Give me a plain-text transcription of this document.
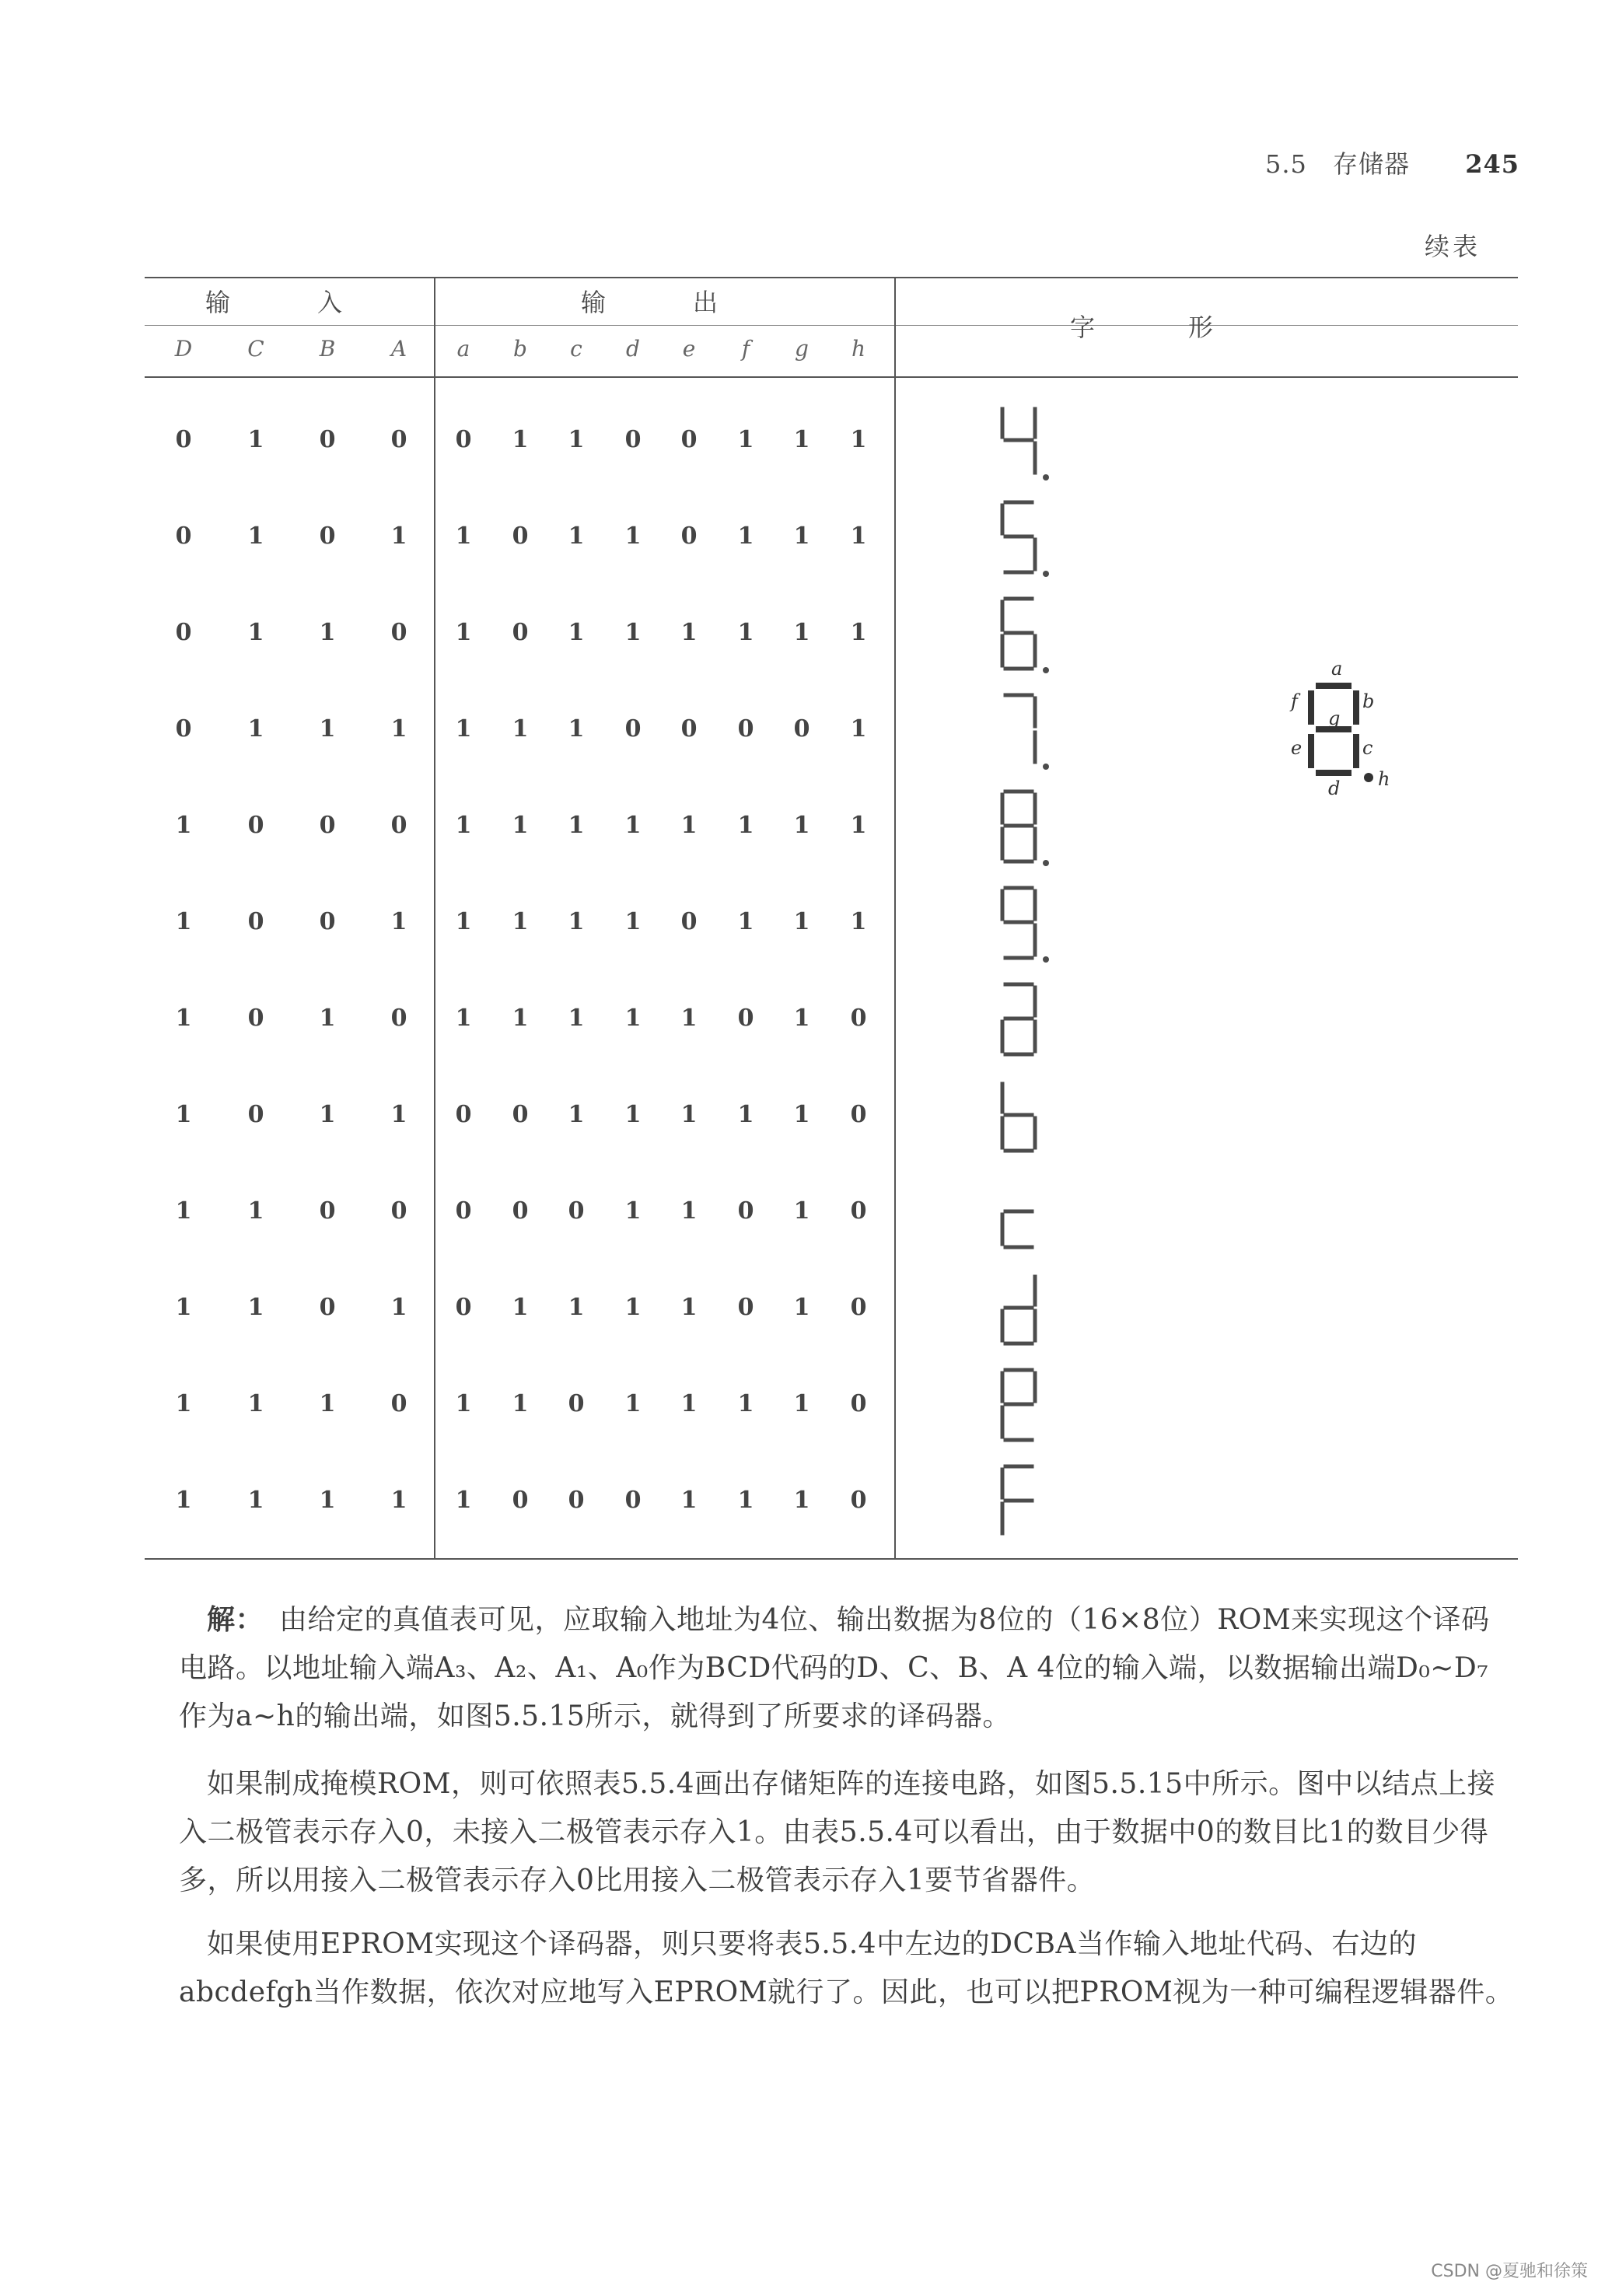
5.5 存储器 245
续表
输　入	输　出
字　形
D	C	B	A	a	b	c	d	e	f	g	h
0	1	0	0	0	1	1	0	0	1	1	1
0	1	0	1	1	0	1	1	0	1	1	1
0	1	1	0	1	0	1	1	1	1	1	1
0	1	1	1	1	1	1	0	0	0	0	1
1	0	0	0	1	1	1	1	1	1	1	1
1	0	0	1	1	1	1	1	0	1	1	1
1	0	1	0	1	1	1	1	1	0	1	0
1	0	1	1	0	0	1	1	1	1	1	0
1	1	0	0	0	0	0	1	1	0	1	0
1	1	0	1	0	1	1	1	1	0	1	0
1	1	1	0	1	1	0	1	1	1	1	0
1	1	1	1	1	0	0	0	1	1	1	0
a
b
c
d
e
f
g
h
解： 由给定的真值表可见，应取输入地址为4位、输出数据为8位的（16×8位）ROM来实现这个译码电路。以地址输入端A₃、A₂、A₁、A₀作为BCD代码的D、C、B、A 4位的输入端，以数据输出端D₀~D₇作为a~h的输出端，如图5.5.15所示，就得到了所要求的译码器。
如果制成掩模ROM，则可依照表5.5.4画出存储矩阵的连接电路，如图5.5.15中所示。图中以结点上接入二极管表示存入0，未接入二极管表示存入1。由表5.5.4可以看出，由于数据中0的数目比1的数目少得多，所以用接入二极管表示存入0比用接入二极管表示存入1要节省器件。
如果使用EPROM实现这个译码器，则只要将表5.5.4中左边的DCBA当作输入地址代码、右边的abcdefgh当作数据，依次对应地写入EPROM就行了。因此，也可以把PROM视为一种可编程逻辑器件。
CSDN @夏驰和徐策
